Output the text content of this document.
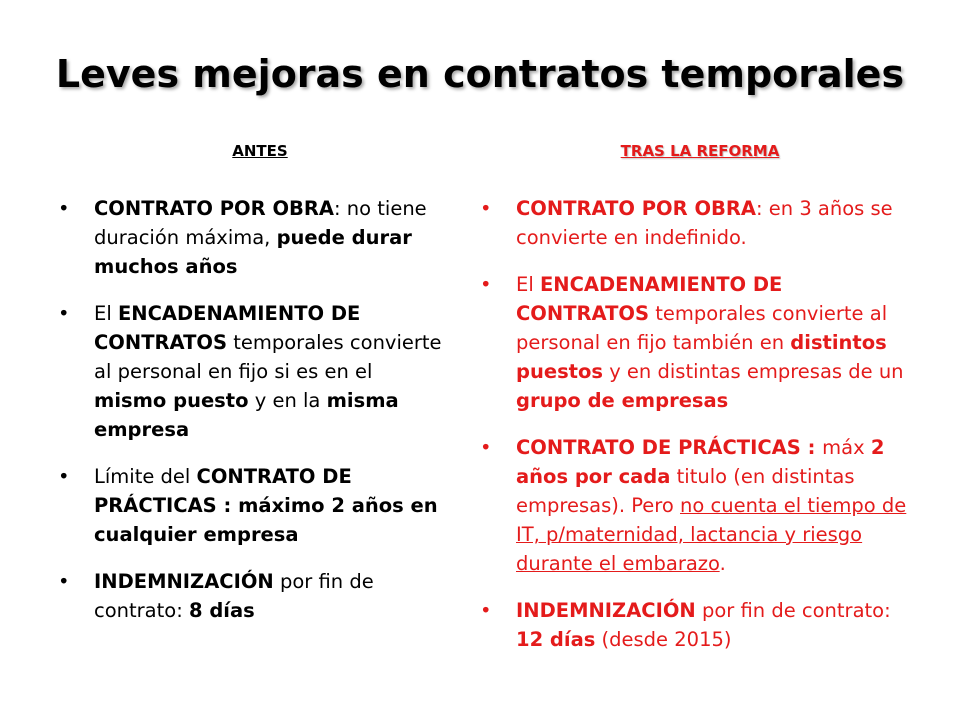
Leves mejoras en contratos temporales
ANTES	TRAS LA REFORMA
•	CONTRATO POR OBRA: no tiene duración máxima, puede durar muchos años
•	El ENCADENAMIENTO DE CONTRATOS temporales convierte al personal en fijo si es en el mismo puesto y en la misma empresa
•	Límite del CONTRATO DE PRÁCTICAS : máximo 2 años en cualquier empresa
•	INDEMNIZACIÓN por fin de contrato: 8 días
•	CONTRATO POR OBRA: en 3 años se convierte en indefinido.
•	El ENCADENAMIENTO DE CONTRATOS temporales convierte al personal en fijo también en distintos puestos y en distintas empresas de un grupo de empresas
•	CONTRATO DE PRÁCTICAS : máx 2 años por cada titulo (en distintas empresas). Pero no cuenta el tiempo de IT, p/maternidad, lactancia y riesgo durante el embarazo.
•	INDEMNIZACIÓN por fin de contrato: 12 días (desde 2015)
